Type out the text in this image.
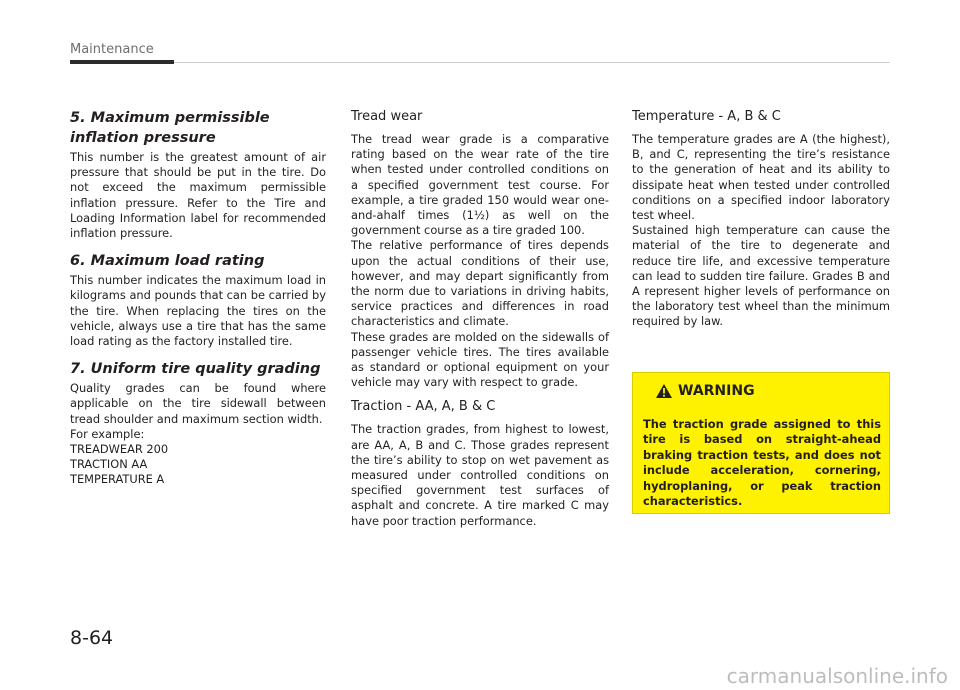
Maintenance
5. Maximum permissible inflation pressure

This number is the greatest amount of air pressure that should be put in the tire. Do not exceed the maximum permissible inflation pressure. Refer to the Tire and Loading Information label for recommended inflation pressure.

6. Maximum load rating

This number indicates the maximum load in kilograms and pounds that can be carried by the tire. When replacing the tires on the vehicle, always use a tire that has the same load rating as the factory installed tire.

7. Uniform tire quality grading

Quality grades can be found where applicable on the tire sidewall between tread shoulder and maximum section width.

For example:

TREADWEAR 200

TRACTION AA

TEMPERATURE A

Tread wear

The tread wear grade is a comparative rating based on the wear rate of the tire when tested under controlled conditions on a specified government test course. For example, a tire graded 150 would wear one-and-ahalf times (1½) as well on the government course as a tire graded 100.

The relative performance of tires depends upon the actual conditions of their use, however, and may depart significantly from the norm due to variations in driving habits, service practices and differences in road characteristics and climate.

These grades are molded on the sidewalls of passenger vehicle tires. The tires available as standard or optional equipment on your vehicle may vary with respect to grade.

Traction - AA, A, B & C

The traction grades, from highest to lowest, are AA, A, B and C. Those grades represent the tire’s ability to stop on wet pavement as measured under controlled conditions on specified government test surfaces of asphalt and concrete. A tire marked C may have poor traction performance.

Temperature - A, B & C

The temperature grades are A (the highest), B, and C, representing the tire’s resistance to the generation of heat and its ability to dissipate heat when tested under controlled conditions on a specified indoor laboratory test wheel.

Sustained high temperature can cause the material of the tire to degenerate and reduce tire life, and excessive temperature can lead to sudden tire failure. Grades B and A represent higher levels of performance on the laboratory test wheel than the minimum required by law.

WARNING

The traction grade assigned to this tire is based on straight-ahead braking traction tests, and does not include acceleration, cornering, hydroplaning, or peak traction characteristics.

8-64
carmanualsonline.info
